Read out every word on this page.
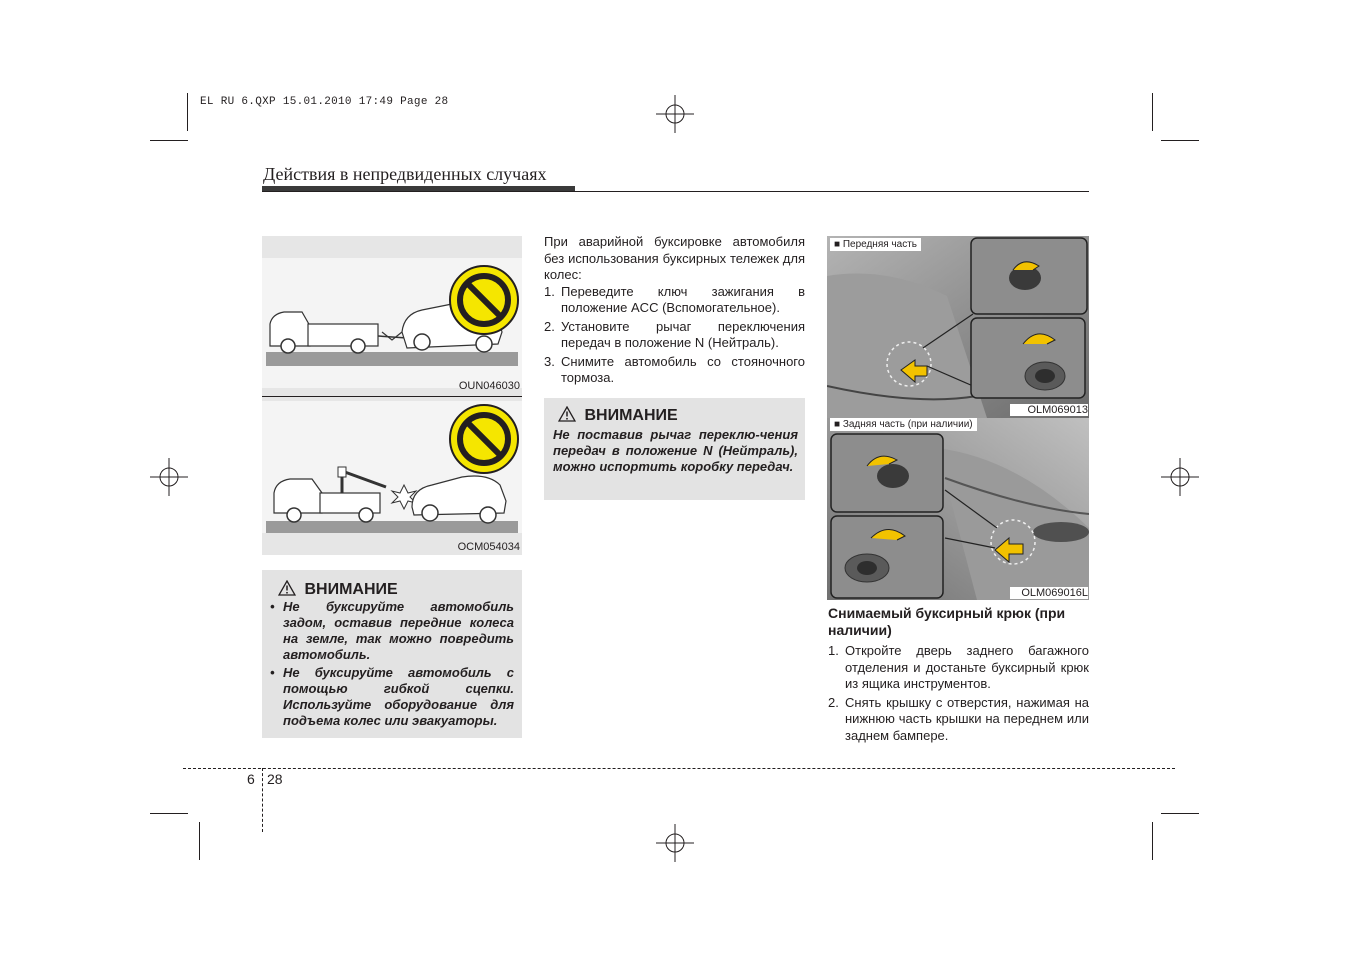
EL RU 6.QXP 15.01.2010 17:49 Page 28
Действия в непредвиденных случаях
OUN046030
OCM054034
ВНИМАНИЕ
• Не буксируйте автомобиль задом, оставив передние колеса на земле, так можно повредить автомобиль.
• Не буксируйте автомобиль с помощью гибкой сцепки. Используйте оборудование для подъема колес или эвакуаторы.
При аварийной буксировке автомобиля без использования буксирных тележек для колес:
1. Переведите ключ зажигания в положение ACC (Вспомогательное).
2. Установите рычаг переключения передач в положение N (Нейтраль).
3. Снимите автомобиль со стояночного тормоза.
ВНИМАНИЕ
Не поставив рычаг переклю-чения передач в положение N (Нейтраль), можно испортить коробку передач.
■ Передняя часть
OLM069013
■ Задняя часть (при наличии)
OLM069016L
Снимаемый буксирный крюк (при наличии)
1. Откройте дверь заднего багажного отделения и достаньте буксирный крюк из ящика инструментов.
2. Снять крышку с отверстия, нажимая на нижнюю часть крышки на переднем или заднем бампере.
6 28
